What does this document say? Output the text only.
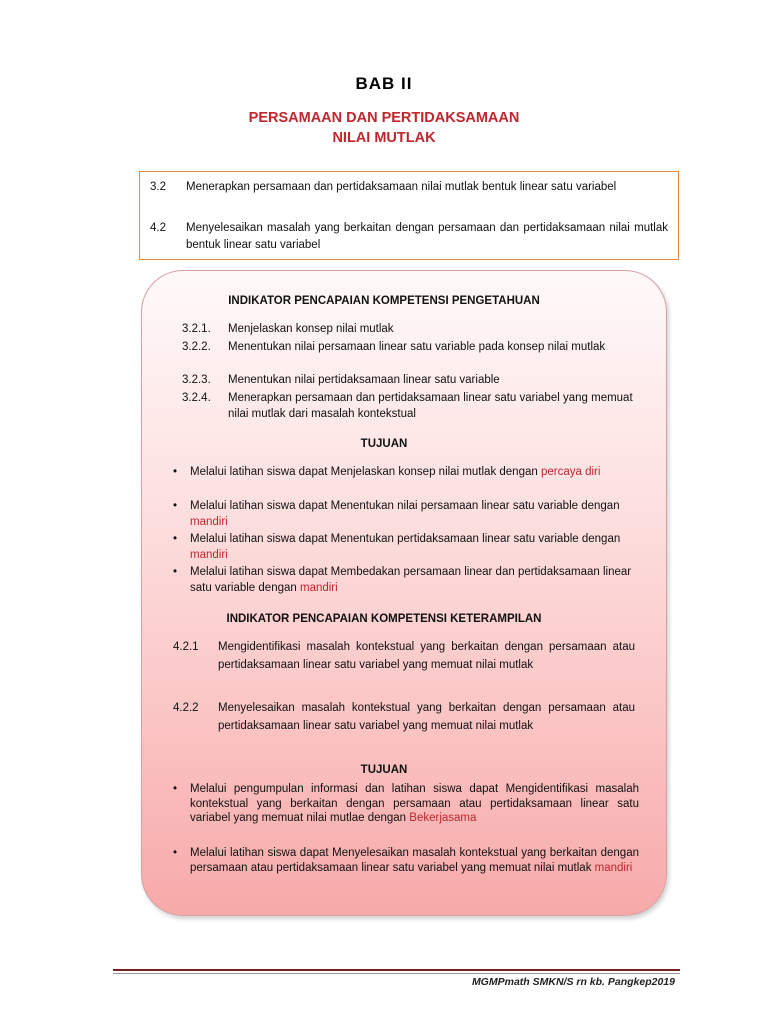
BAB II
PERSAMAAN DAN PERTIDAKSAMAAN
NILAI MUTLAK
3.2 Menerapkan persamaan dan pertidaksamaan nilai mutlak bentuk linear satu variabel
4.2 Menyelesaikan masalah yang berkaitan dengan persamaan dan pertidaksamaan nilai mutlak bentuk linear satu variabel
INDIKATOR PENCAPAIAN KOMPETENSI PENGETAHUAN
3.2.1. Menjelaskan konsep nilai mutlak
3.2.2. Menentukan nilai persamaan linear satu variable pada konsep nilai mutlak
3.2.3. Menentukan nilai pertidaksamaan linear satu variable
3.2.4. Menerapkan persamaan dan pertidaksamaan linear satu variabel yang memuat nilai mutlak dari masalah kontekstual
TUJUAN
• Melalui latihan siswa dapat Menjelaskan konsep nilai mutlak dengan percaya diri
• Melalui latihan siswa dapat Menentukan nilai persamaan linear satu variable dengan mandiri
• Melalui latihan siswa dapat Menentukan pertidaksamaan linear satu variable dengan mandiri
• Melalui latihan siswa dapat Membedakan persamaan linear dan pertidaksamaan linear satu variable dengan mandiri
INDIKATOR PENCAPAIAN KOMPETENSI KETERAMPILAN
4.2.1 Mengidentifikasi masalah kontekstual yang berkaitan dengan persamaan atau pertidaksamaan linear satu variabel yang memuat nilai mutlak
4.2.2 Menyelesaikan masalah kontekstual yang berkaitan dengan persamaan atau pertidaksamaan linear satu variabel yang memuat nilai mutlak
TUJUAN
• Melalui pengumpulan informasi dan latihan siswa dapat Mengidentifikasi masalah kontekstual yang berkaitan dengan persamaan atau pertidaksamaan linear satu variabel yang memuat nilai mutlae dengan Bekerjasama
• Melalui latihan siswa dapat Menyelesaikan masalah kontekstual yang berkaitan dengan persamaan atau pertidaksamaan linear satu variabel yang memuat nilai mutlak mandiri
MGMPmath SMKN/S rn kb. Pangkep2019
